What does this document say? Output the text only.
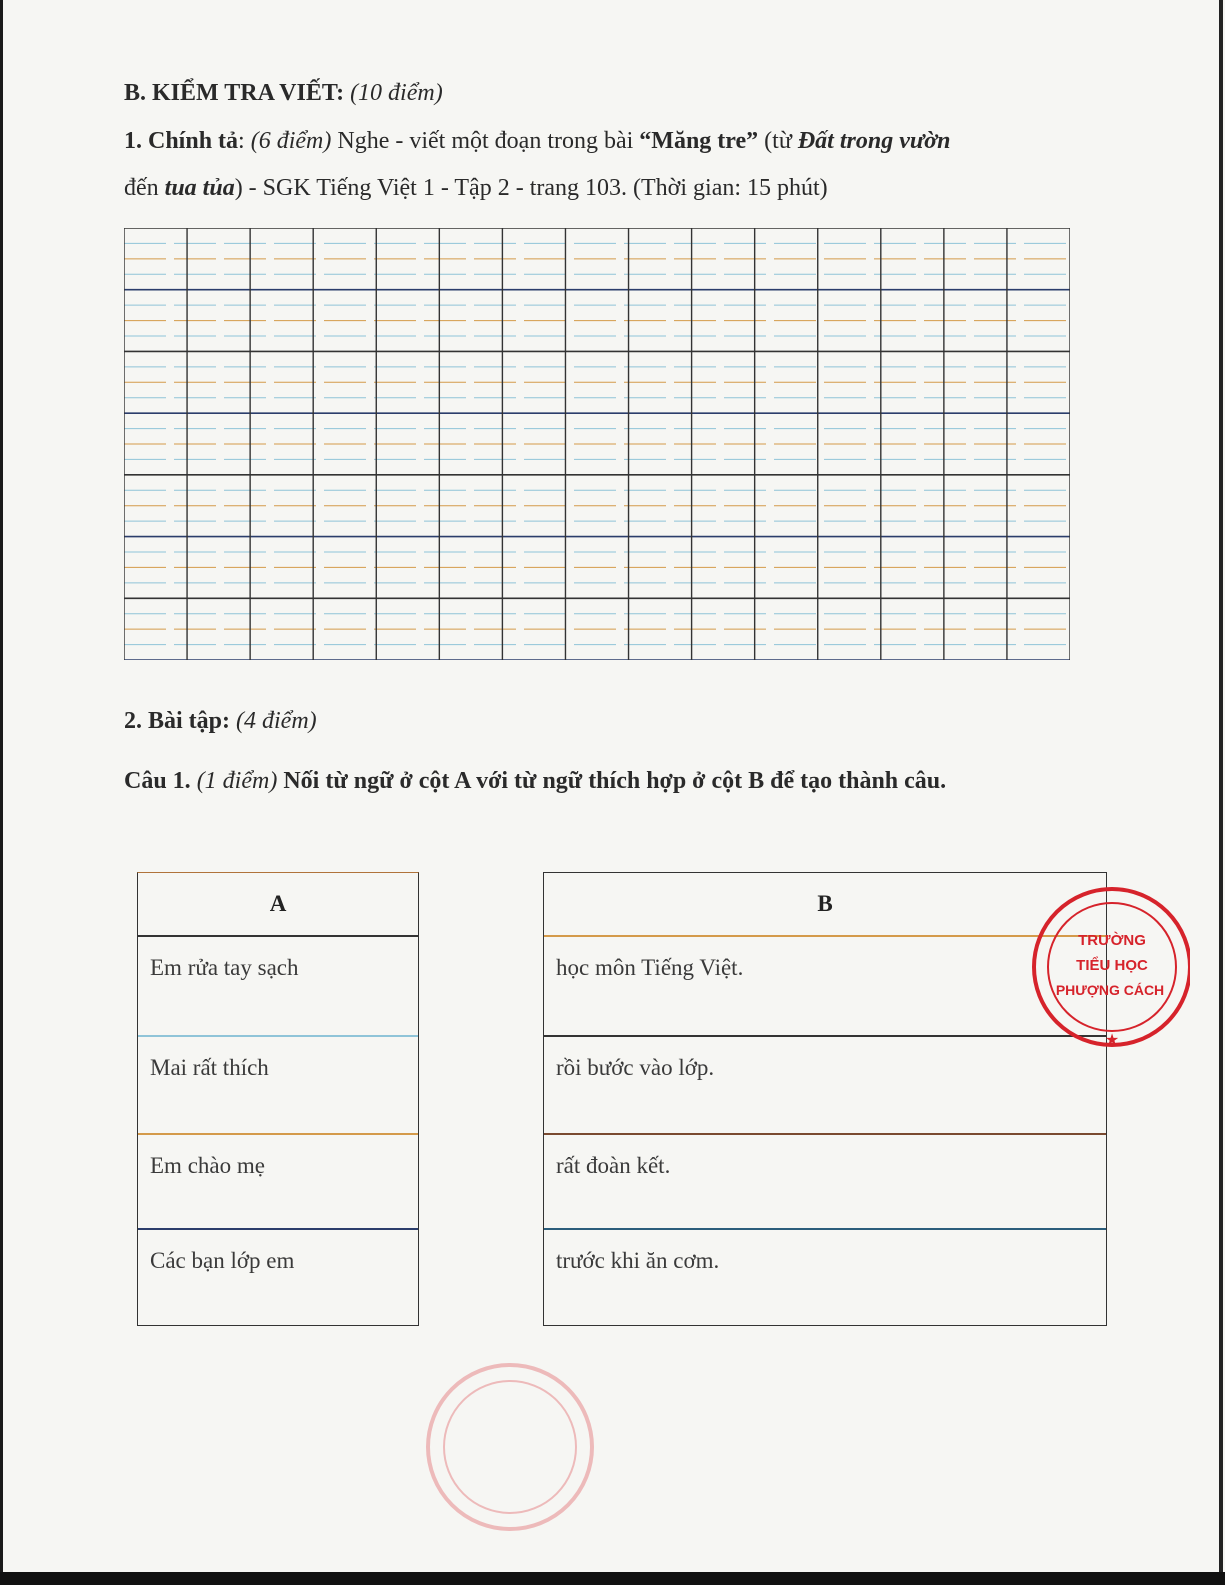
B. KIỂM TRA VIẾT: (10 điểm)
1. Chính tả: (6 điểm) Nghe - viết một đoạn trong bài “Măng tre” (từ Đất trong vườn
đến tua tủa) - SGK Tiếng Việt 1 - Tập 2 - trang 103. (Thời gian: 15 phút)
2. Bài tập: (4 điểm)
Câu 1. (1 điểm) Nối từ ngữ ở cột A với từ ngữ thích hợp ở cột B để tạo thành câu.
A
Em rửa tay sạch
Mai rất thích
Em chào mẹ
Các bạn lớp em
B
học môn Tiếng Việt.
rồi bước vào lớp.
rất đoàn kết.
trước khi ăn cơm.
TRƯỜNG
TIỂU HỌC
PHƯỢNG CÁCH
★
